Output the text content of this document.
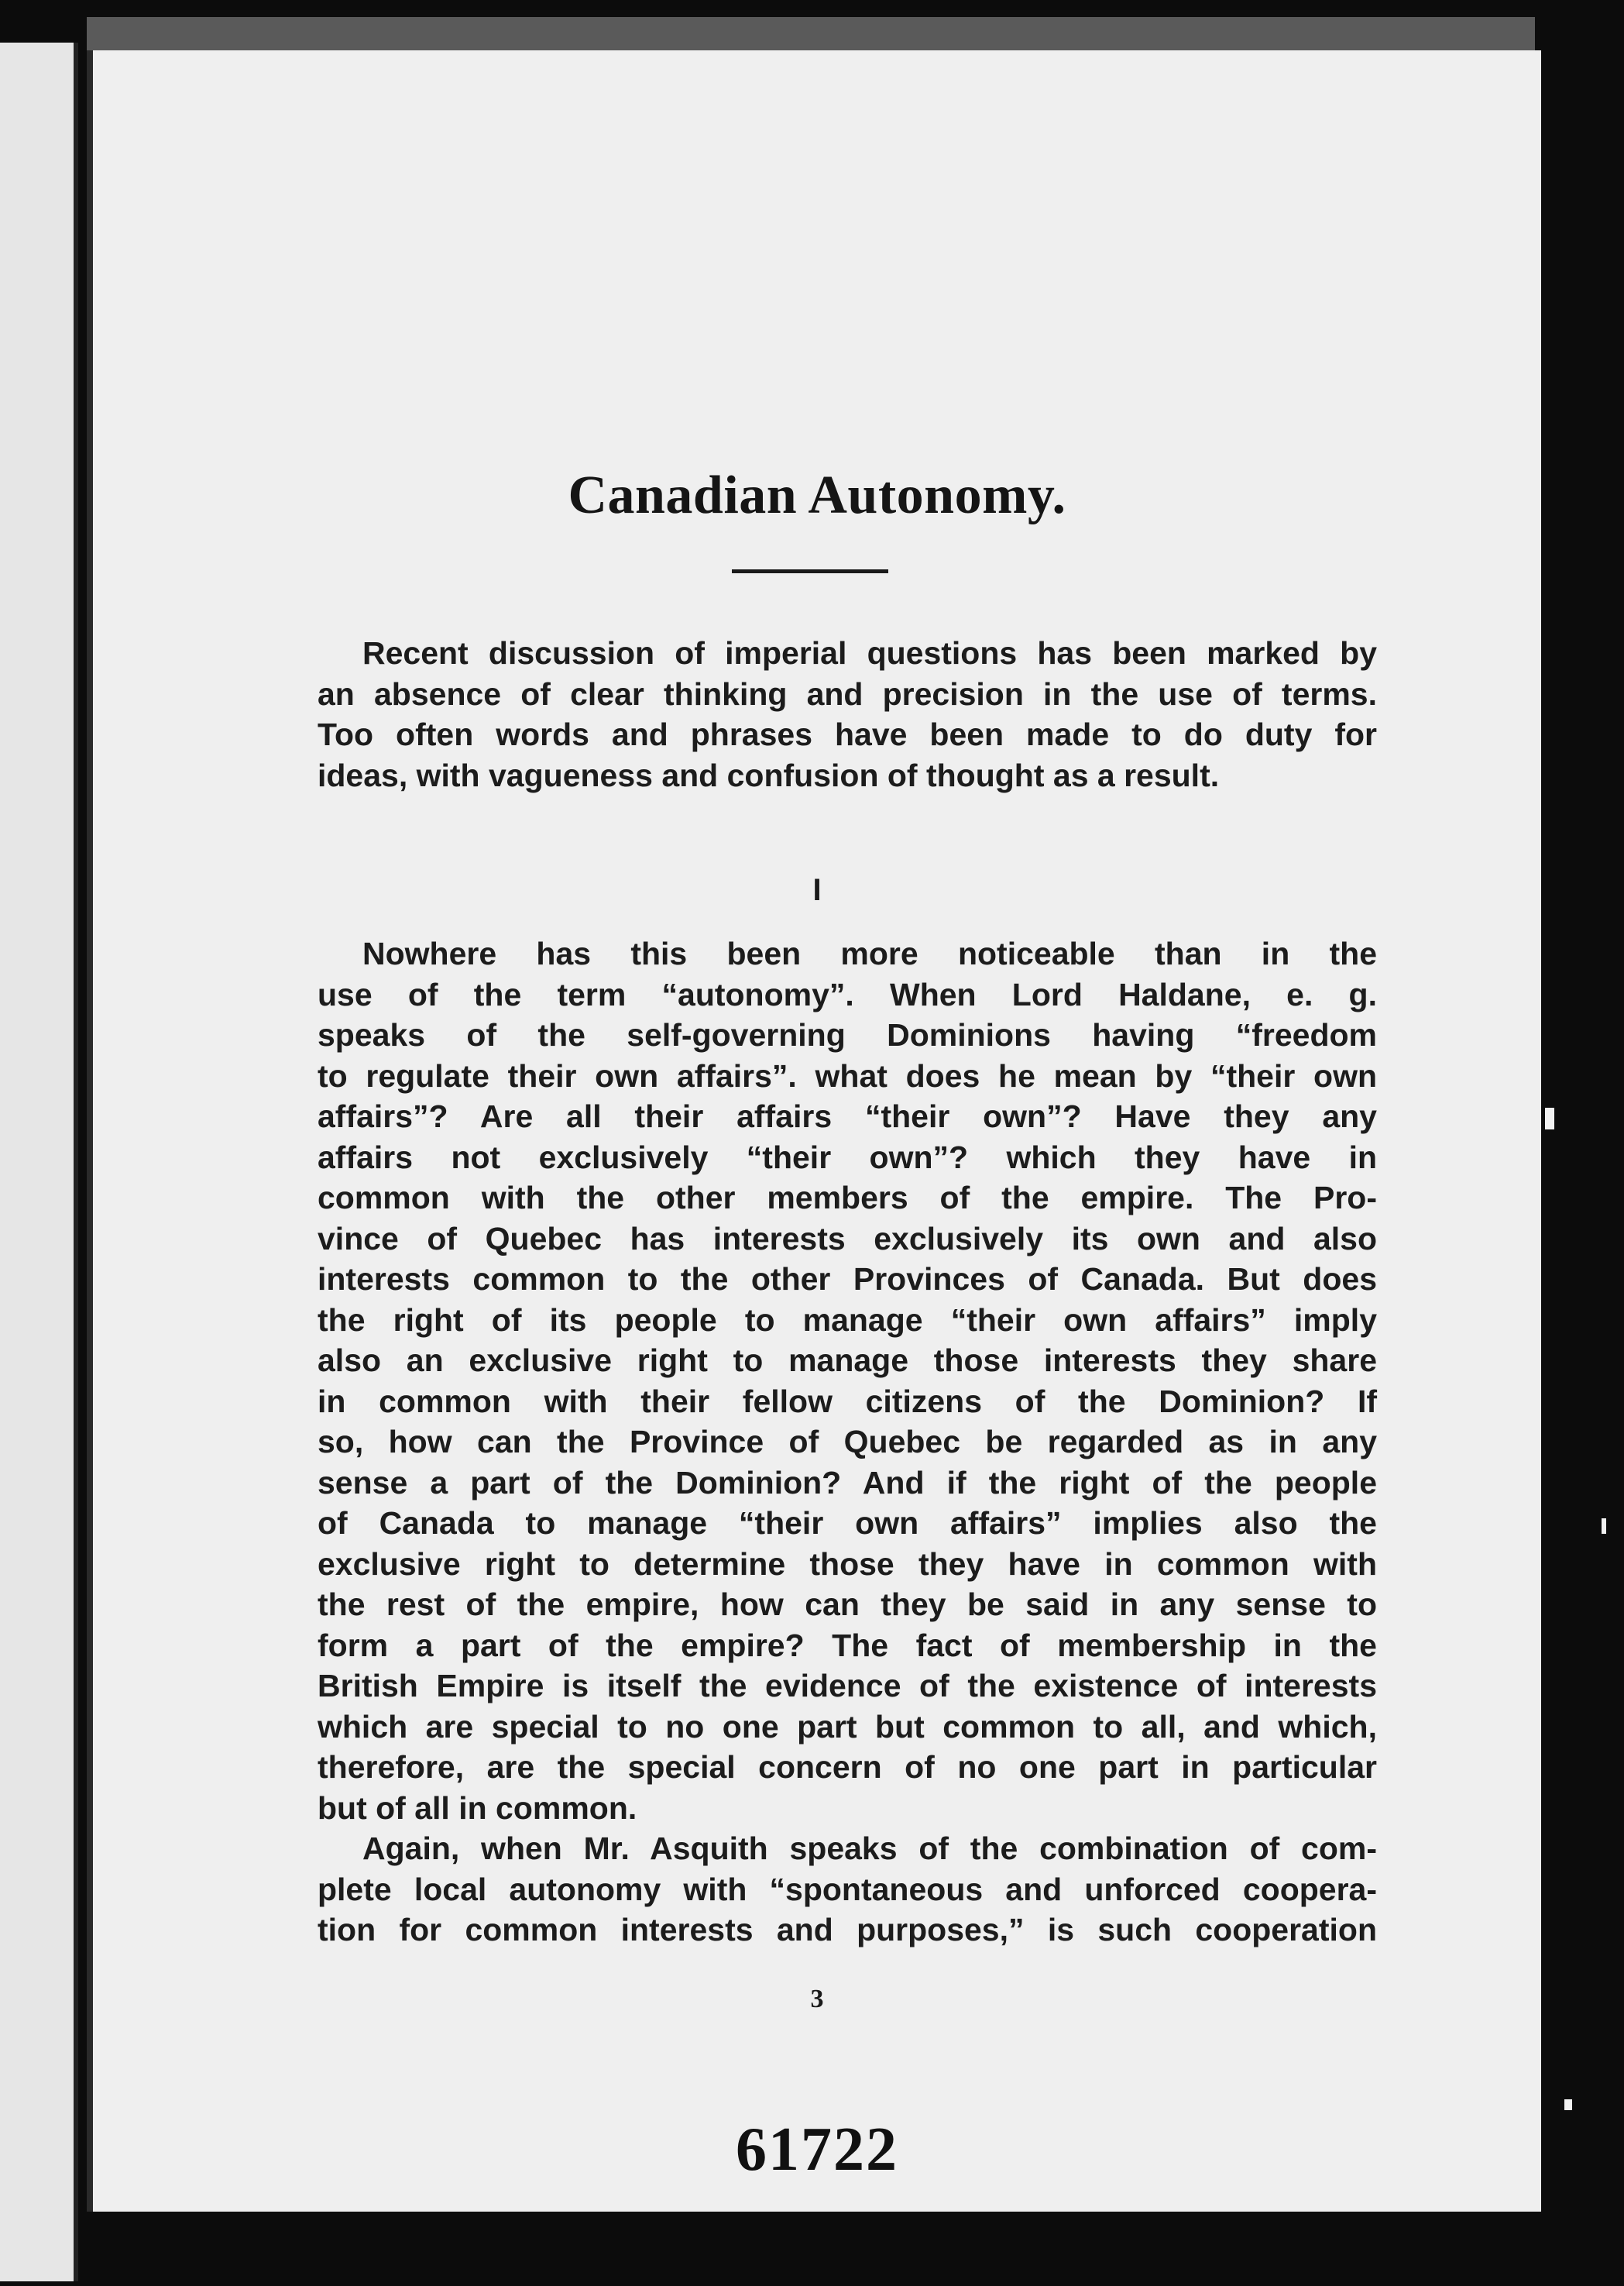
Canadian Autonomy.
Recent discussion of imperial questions has been marked by
an absence of clear thinking and precision in the use of terms.
Too often words and phrases have been made to do duty for
ideas, with vagueness and confusion of thought as a result.
I
Nowhere has this been more noticeable than in the
use of the term “autonomy”. When Lord Haldane, e. g.
speaks of the self-governing Dominions having “freedom
to regulate their own affairs”. what does he mean by “their own
affairs”? Are all their affairs “their own”? Have they any
affairs not exclusively “their own”? which they have in
common with the other members of the empire. The Pro-
vince of Quebec has interests exclusively its own and also
interests common to the other Provinces of Canada. But does
the right of its people to manage “their own affairs” imply
also an exclusive right to manage those interests they share
in common with their fellow citizens of the Dominion? If
so, how can the Province of Quebec be regarded as in any
sense a part of the Dominion? And if the right of the people
of Canada to manage “their own affairs” implies also the
exclusive right to determine those they have in common with
the rest of the empire, how can they be said in any sense to
form a part of the empire? The fact of membership in the
British Empire is itself the evidence of the existence of interests
which are special to no one part but common to all, and which,
therefore, are the special concern of no one part in particular
but of all in common.
Again, when Mr. Asquith speaks of the combination of com-
plete local autonomy with “spontaneous and unforced coopera-
tion for common interests and purposes,” is such cooperation
3
61722
